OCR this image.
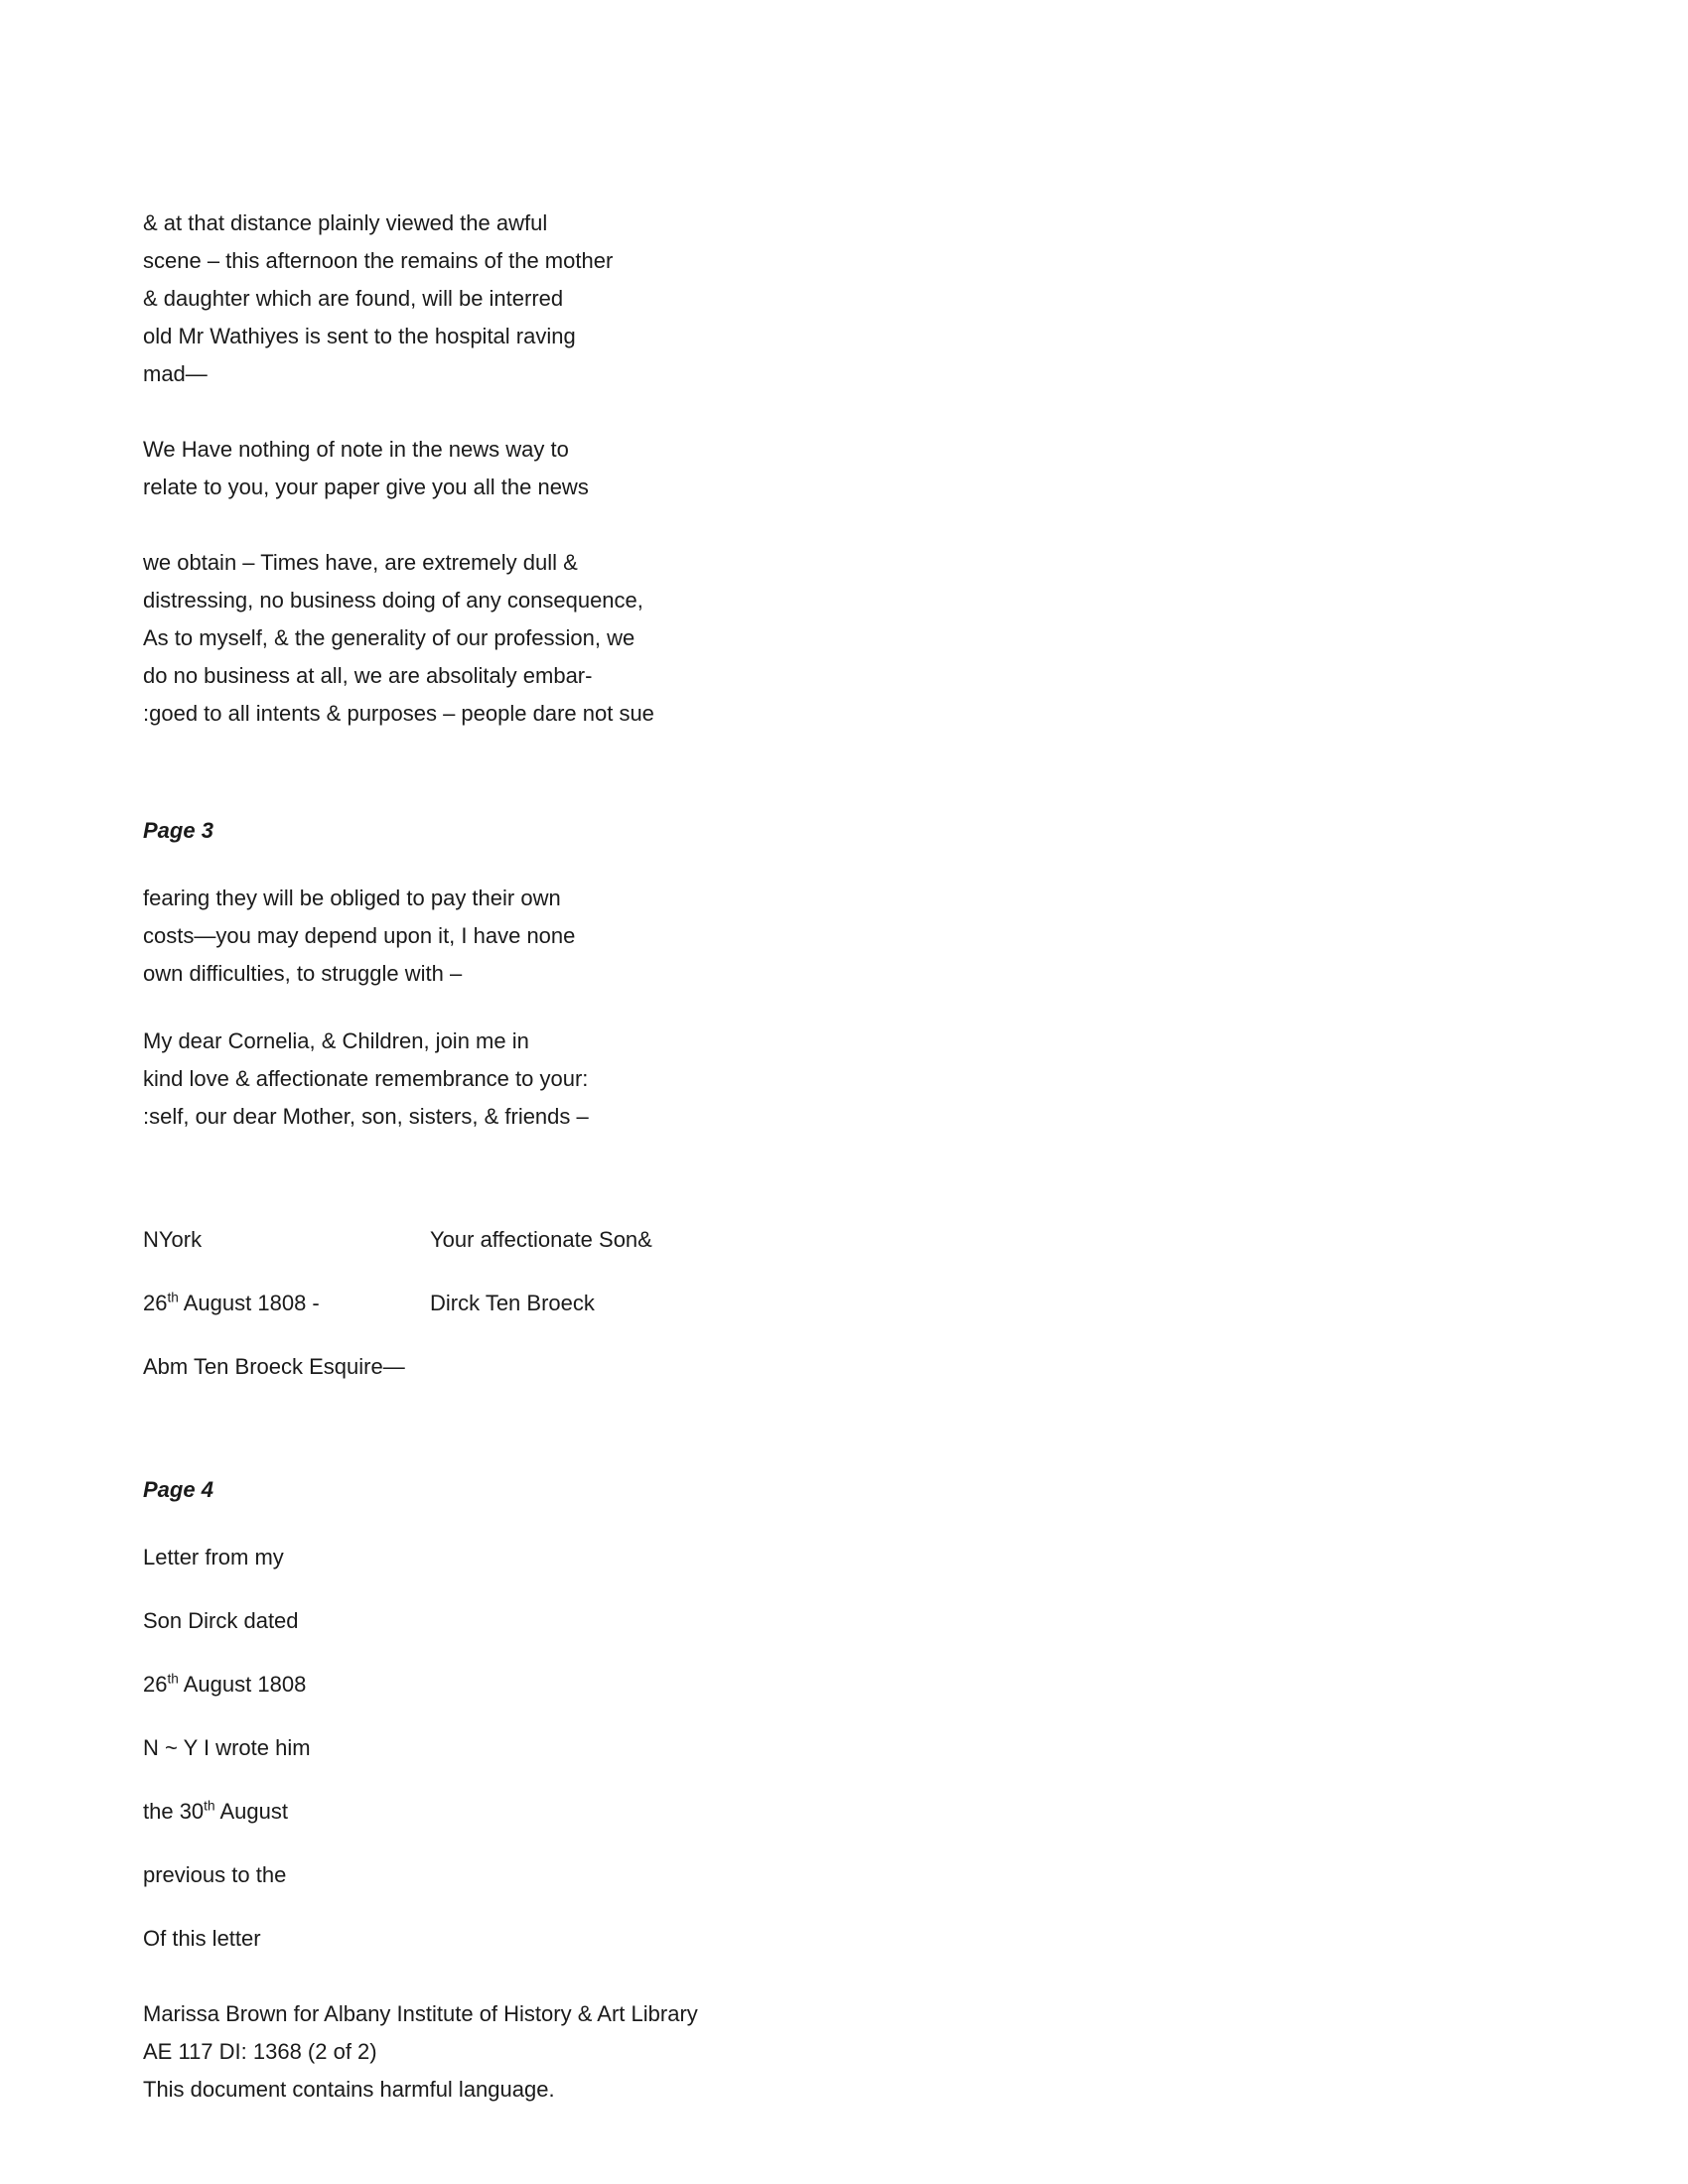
& at that distance plainly viewed the awful
scene – this afternoon the remains of the mother
& daughter which are found, will be interred
old Mr Wathiyes is sent to the hospital raving
mad—
We Have nothing of note in the news way to
relate to you, your paper give you all the news
we obtain – Times have, are extremely dull &
distressing, no business doing of any consequence,
As to myself, & the generality of our profession, we
do no business at all, we are absolitaly embar-
:goed to all intents & purposes – people dare not sue
Page 3
fearing they will be obliged to pay their own
costs—you may depend upon it, I have none
own difficulties, to struggle with –
My dear Cornelia, & Children, join me in
kind love & affectionate remembrance to your:
:self, our dear Mother, son, sisters, & friends –
NYork	Your affectionate Son&
26th August 1808 -	Dirck Ten Broeck
Abm Ten Broeck Esquire—
Page 4
Letter from my
Son Dirck dated
26th August 1808
N ~ Y I wrote him
the 30th August
previous to the
Of this letter
Marissa Brown for Albany Institute of History & Art Library
AE 117 DI: 1368 (2 of 2)
This document contains harmful language.
